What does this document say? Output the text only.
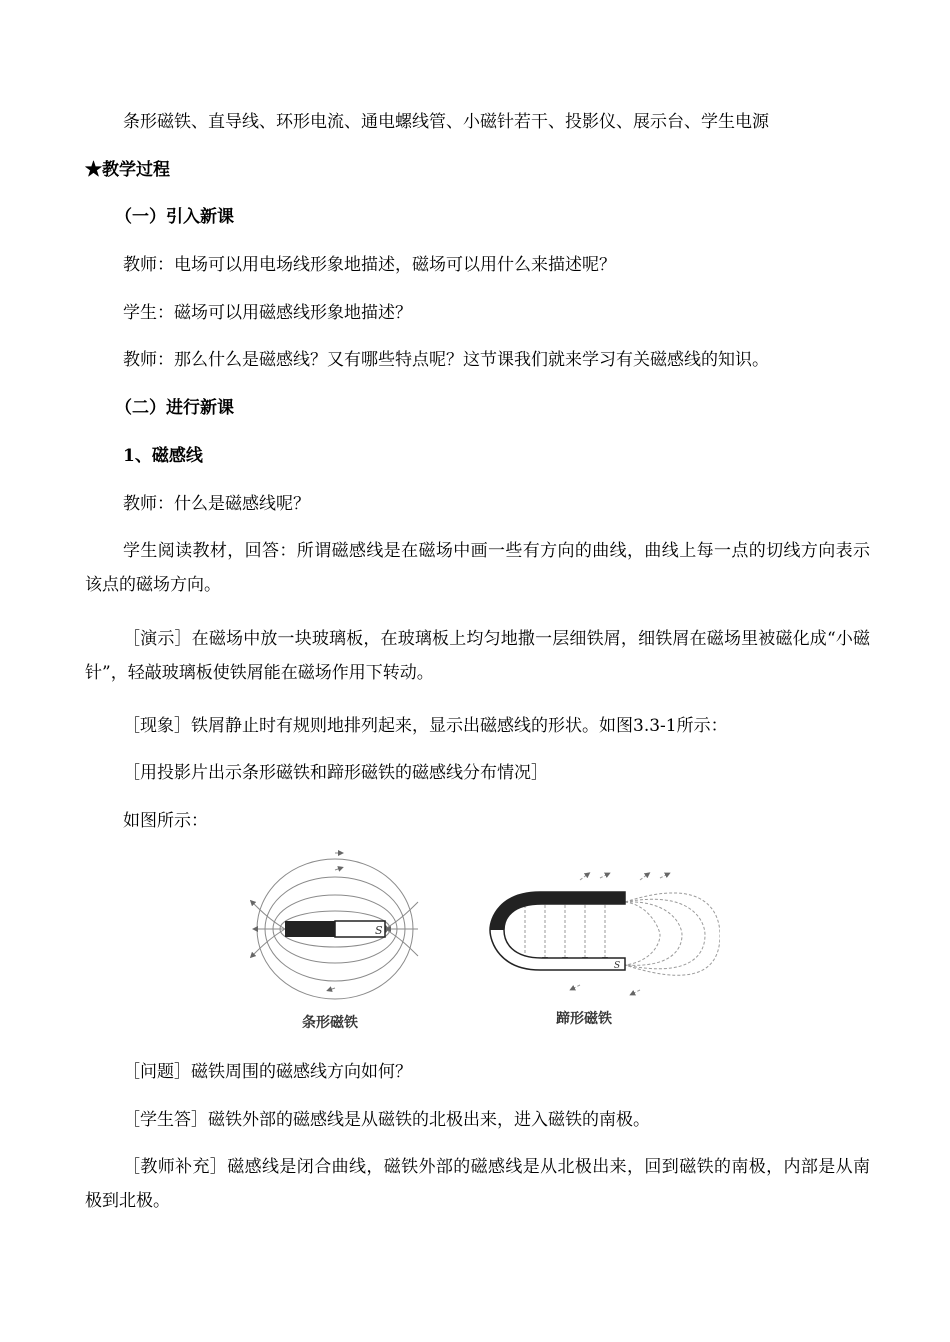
条形磁铁、直导线、环形电流、通电螺线管、小磁针若干、投影仪、展示台、学生电源

★教学过程

（一）引入新课

教师：电场可以用电场线形象地描述，磁场可以用什么来描述呢？

学生：磁场可以用磁感线形象地描述？

教师：那么什么是磁感线？又有哪些特点呢？这节课我们就来学习有关磁感线的知识。

（二）进行新课

1、磁感线

教师：什么是磁感线呢？

学生阅读教材，回答：所谓磁感线是在磁场中画一些有方向的曲线，曲线上每一点的切线方向表示该点的磁场方向。

［演示］在磁场中放一块玻璃板，在玻璃板上均匀地撒一层细铁屑，细铁屑在磁场里被磁化成“小磁针”，轻敲玻璃板使铁屑能在磁场作用下转动。

［现象］铁屑静止时有规则地排列起来，显示出磁感线的形状。如图3.3-1所示：

［用投影片出示条形磁铁和蹄形磁铁的磁感线分布情况］

如图所示：

S
S
条形磁铁	蹄形磁铁

［问题］磁铁周围的磁感线方向如何？

［学生答］磁铁外部的磁感线是从磁铁的北极出来，进入磁铁的南极。

［教师补充］磁感线是闭合曲线，磁铁外部的磁感线是从北极出来，回到磁铁的南极，内部是从南极到北极。
